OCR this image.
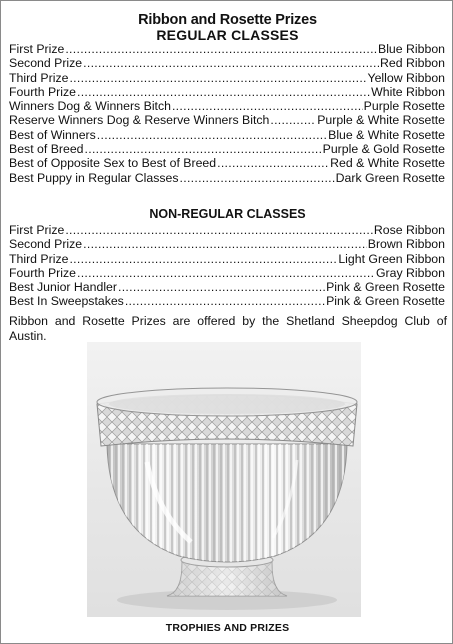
Ribbon and Rosette Prizes
REGULAR CLASSES
First Prize .....	Blue Ribbon
Second Prize .....	Red Ribbon
Third Prize .....	Yellow Ribbon
Fourth Prize .....	White Ribbon
Winners Dog & Winners Bitch .....	Purple Rosette
Reserve Winners Dog & Reserve Winners Bitch .....	Purple & White Rosette
Best of Winners .....	Blue & White Rosette
Best of Breed .....	Purple & Gold Rosette
Best of Opposite Sex to Best of Breed .....	Red & White Rosette
Best Puppy in Regular Classes .....	Dark Green Rosette
NON-REGULAR CLASSES
First Prize .....	Rose Ribbon
Second Prize .....	Brown Ribbon
Third Prize .....	Light Green Ribbon
Fourth Prize .....	Gray Ribbon
Best Junior Handler .....	Pink & Green Rosette
Best In Sweepstakes .....	Pink & Green Rosette
Ribbon and Rosette Prizes are offered by the Shetland Sheepdog Club of Austin.
TROPHIES AND PRIZES
